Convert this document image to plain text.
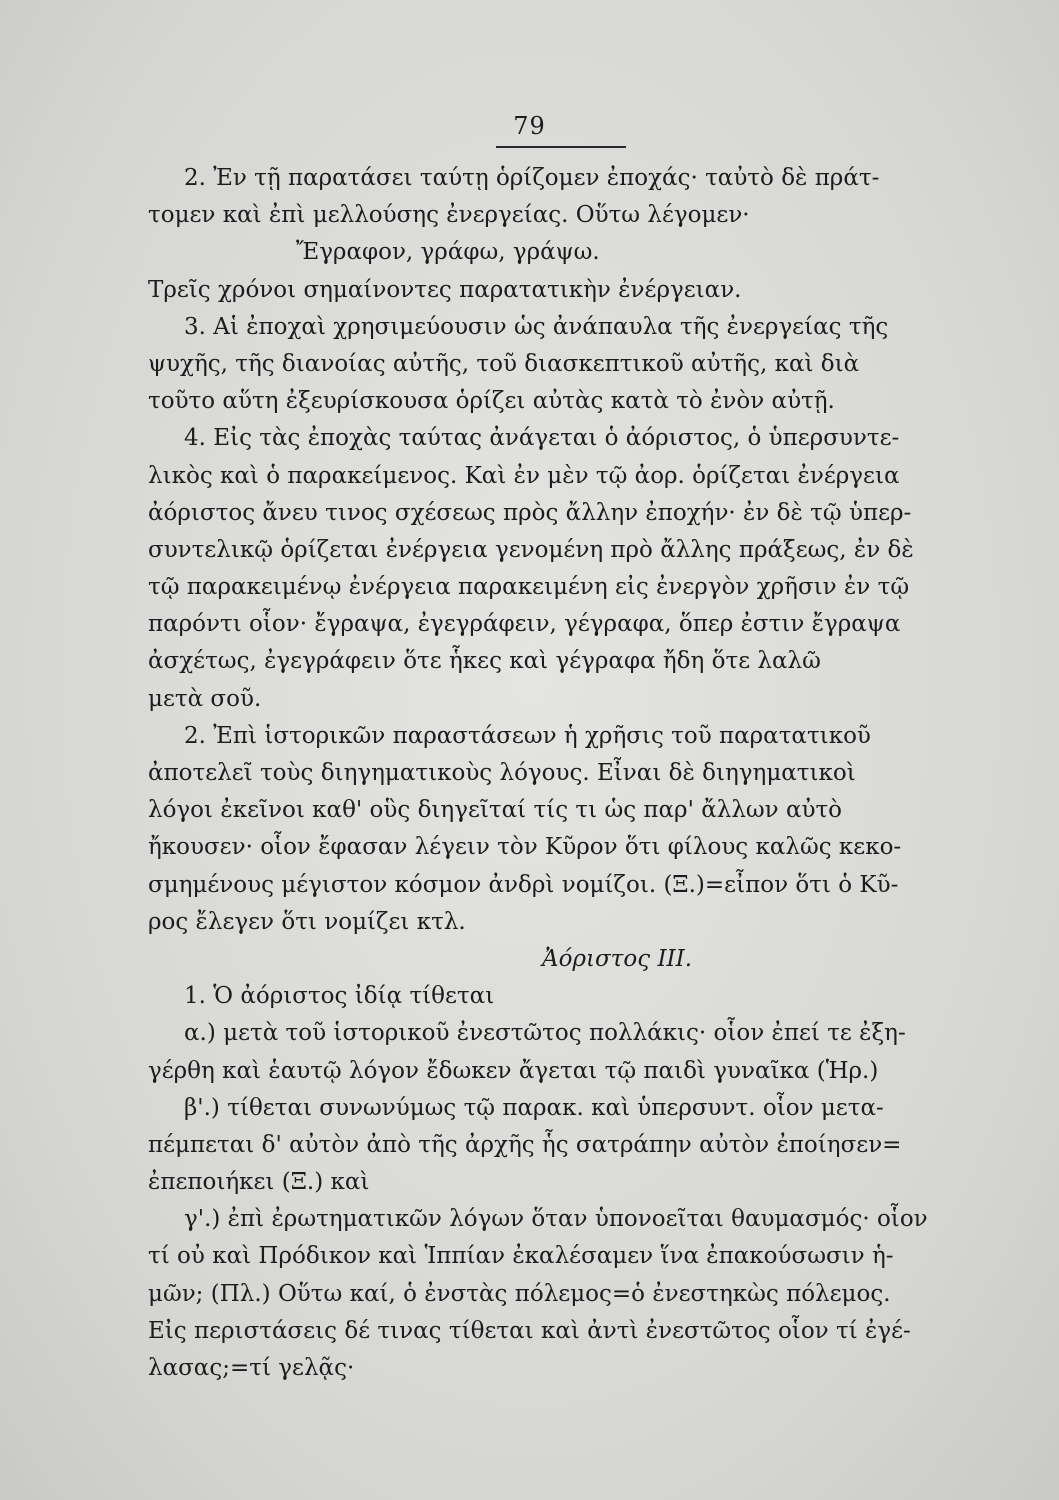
79
2. Ἐν τῇ παρατάσει ταύτῃ ὁρίζομεν ἐποχάς· ταὐτὸ δὲ πράτ-
τομεν καὶ ἐπὶ μελλούσης ἐνεργείας. Οὕτω λέγομεν·
Ἔγραφον, γράφω, γράψω.
Τρεῖς χρόνοι σημαίνοντες παρατατικὴν ἐνέργειαν.
3. Αἱ ἐποχαὶ χρησιμεύουσιν ὡς ἀνάπαυλα τῆς ἐνεργείας τῆς
ψυχῆς, τῆς διανοίας αὐτῆς, τοῦ διασκεπτικοῦ αὐτῆς, καὶ διὰ
τοῦτο αὕτη ἐξευρίσκουσα ὁρίζει αὐτὰς κατὰ τὸ ἐνὸν αὐτῇ.
4. Εἰς τὰς ἐποχὰς ταύτας ἀνάγεται ὁ ἀόριστος, ὁ ὑπερσυντε-
λικὸς καὶ ὁ παρακείμενος. Καὶ ἐν μὲν τῷ ἀορ. ὁρίζεται ἐνέργεια
ἀόριστος ἄνευ τινος σχέσεως πρὸς ἄλλην ἐποχήν· ἐν δὲ τῷ ὑπερ-
συντελικῷ ὁρίζεται ἐνέργεια γενομένη πρὸ ἄλλης πράξεως, ἐν δὲ
τῷ παρακειμένῳ ἐνέργεια παρακειμένη εἰς ἐνεργὸν χρῆσιν ἐν τῷ
παρόντι οἷον· ἔγραψα, ἐγεγράφειν, γέγραφα, ὅπερ ἐστιν ἔγραψα
ἀσχέτως, ἐγεγράφειν ὅτε ἧκες καὶ γέγραφα ἤδη ὅτε λαλῶ
μετὰ σοῦ.
2. Ἐπὶ ἱστορικῶν παραστάσεων ἡ χρῆσις τοῦ παρατατικοῦ
ἀποτελεῖ τοὺς διηγηματικοὺς λόγους. Εἶναι δὲ διηγηματικοὶ
λόγοι ἐκεῖνοι καθ' οὓς διηγεῖταί τίς τι ὡς παρ' ἄλλων αὐτὸ
ἤκουσεν· οἷον ἔφασαν λέγειν τὸν Κῦρον ὅτι φίλους καλῶς κεκο-
σμημένους μέγιστον κόσμον ἀνδρὶ νομίζοι. (Ξ.)=εἶπον ὅτι ὁ Κῦ-
ρος ἔλεγεν ὅτι νομίζει κτλ.
Ἀόριστος III.
1. Ὁ ἀόριστος ἰδίᾳ τίθεται
α.) μετὰ τοῦ ἱστορικοῦ ἐνεστῶτος πολλάκις· οἷον ἐπεί τε ἐξη-
γέρθη καὶ ἑαυτῷ λόγον ἔδωκεν ἄγεται τῷ παιδὶ γυναῖκα (Ἡρ.)
β'.) τίθεται συνωνύμως τῷ παρακ. καὶ ὑπερσυντ. οἷον μετα-
πέμπεται δ' αὐτὸν ἀπὸ τῆς ἀρχῆς ἧς σατράπην αὐτὸν ἐποίησεν=
ἐπεποιήκει (Ξ.) καὶ
γ'.) ἐπὶ ἐρωτηματικῶν λόγων ὅταν ὑπονοεῖται θαυμασμός· οἷον
τί οὐ καὶ Πρόδικον καὶ Ἱππίαν ἐκαλέσαμεν ἵνα ἐπακούσωσιν ἡ-
μῶν; (Πλ.) Οὕτω καί, ὁ ἐνστὰς πόλεμος=ὁ ἐνεστηκὼς πόλεμος.
Εἰς περιστάσεις δέ τινας τίθεται καὶ ἀντὶ ἐνεστῶτος οἷον τί ἐγέ-
λασας;=τί γελᾷς·
